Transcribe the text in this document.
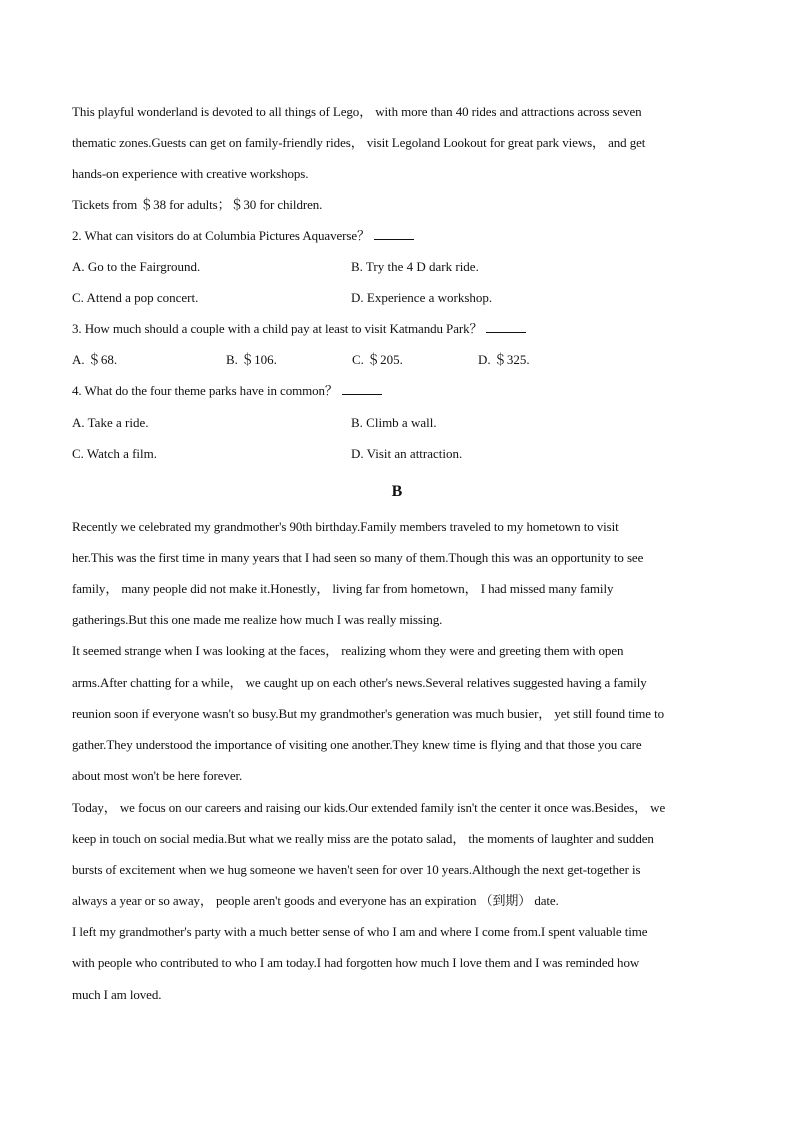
This playful wonderland is devoted to all things of Lego， with more than 40 rides and attractions across seven
thematic zones.Guests can get on family-friendly rides， visit Legoland Lookout for great park views， and get
hands-on experience with creative workshops.
Tickets from ＄38 for adults；＄30 for children.
2. What can visitors do at Columbia Pictures Aquaverse？
A. Go to the Fairground.	B. Try the 4 D dark ride.
C. Attend a pop concert.	D. Experience a workshop.
3. How much should a couple with a child pay at least to visit Katmandu Park？
A. ＄68.	B. ＄106.	C. ＄205.	D. ＄325.
4. What do the four theme parks have in common？
A. Take a ride.	B. Climb a wall.
C. Watch a film.	D. Visit an attraction.
B
Recently we celebrated my grandmother's 90th birthday.Family members traveled to my hometown to visit
her.This was the first time in many years that I had seen so many of them.Though this was an opportunity to see
family， many people did not make it.Honestly， living far from hometown， I had missed many family
gatherings.But this one made me realize how much I was really missing.
It seemed strange when I was looking at the faces， realizing whom they were and greeting them with open
arms.After chatting for a while， we caught up on each other's news.Several relatives suggested having a family
reunion soon if everyone wasn't so busy.But my grandmother's generation was much busier， yet still found time to
gather.They understood the importance of visiting one another.They knew time is flying and that those you care
about most won't be here forever.
Today， we focus on our careers and raising our kids.Our extended family isn't the center it once was.Besides， we
keep in touch on social media.But what we really miss are the potato salad， the moments of laughter and sudden
bursts of excitement when we hug someone we haven't seen for over 10 years.Although the next get-together is
always a year or so away， people aren't goods and everyone has an expiration （到期） date.
I left my grandmother's party with a much better sense of who I am and where I come from.I spent valuable time
with people who contributed to who I am today.I had forgotten how much I love them and I was reminded how
much I am loved.
